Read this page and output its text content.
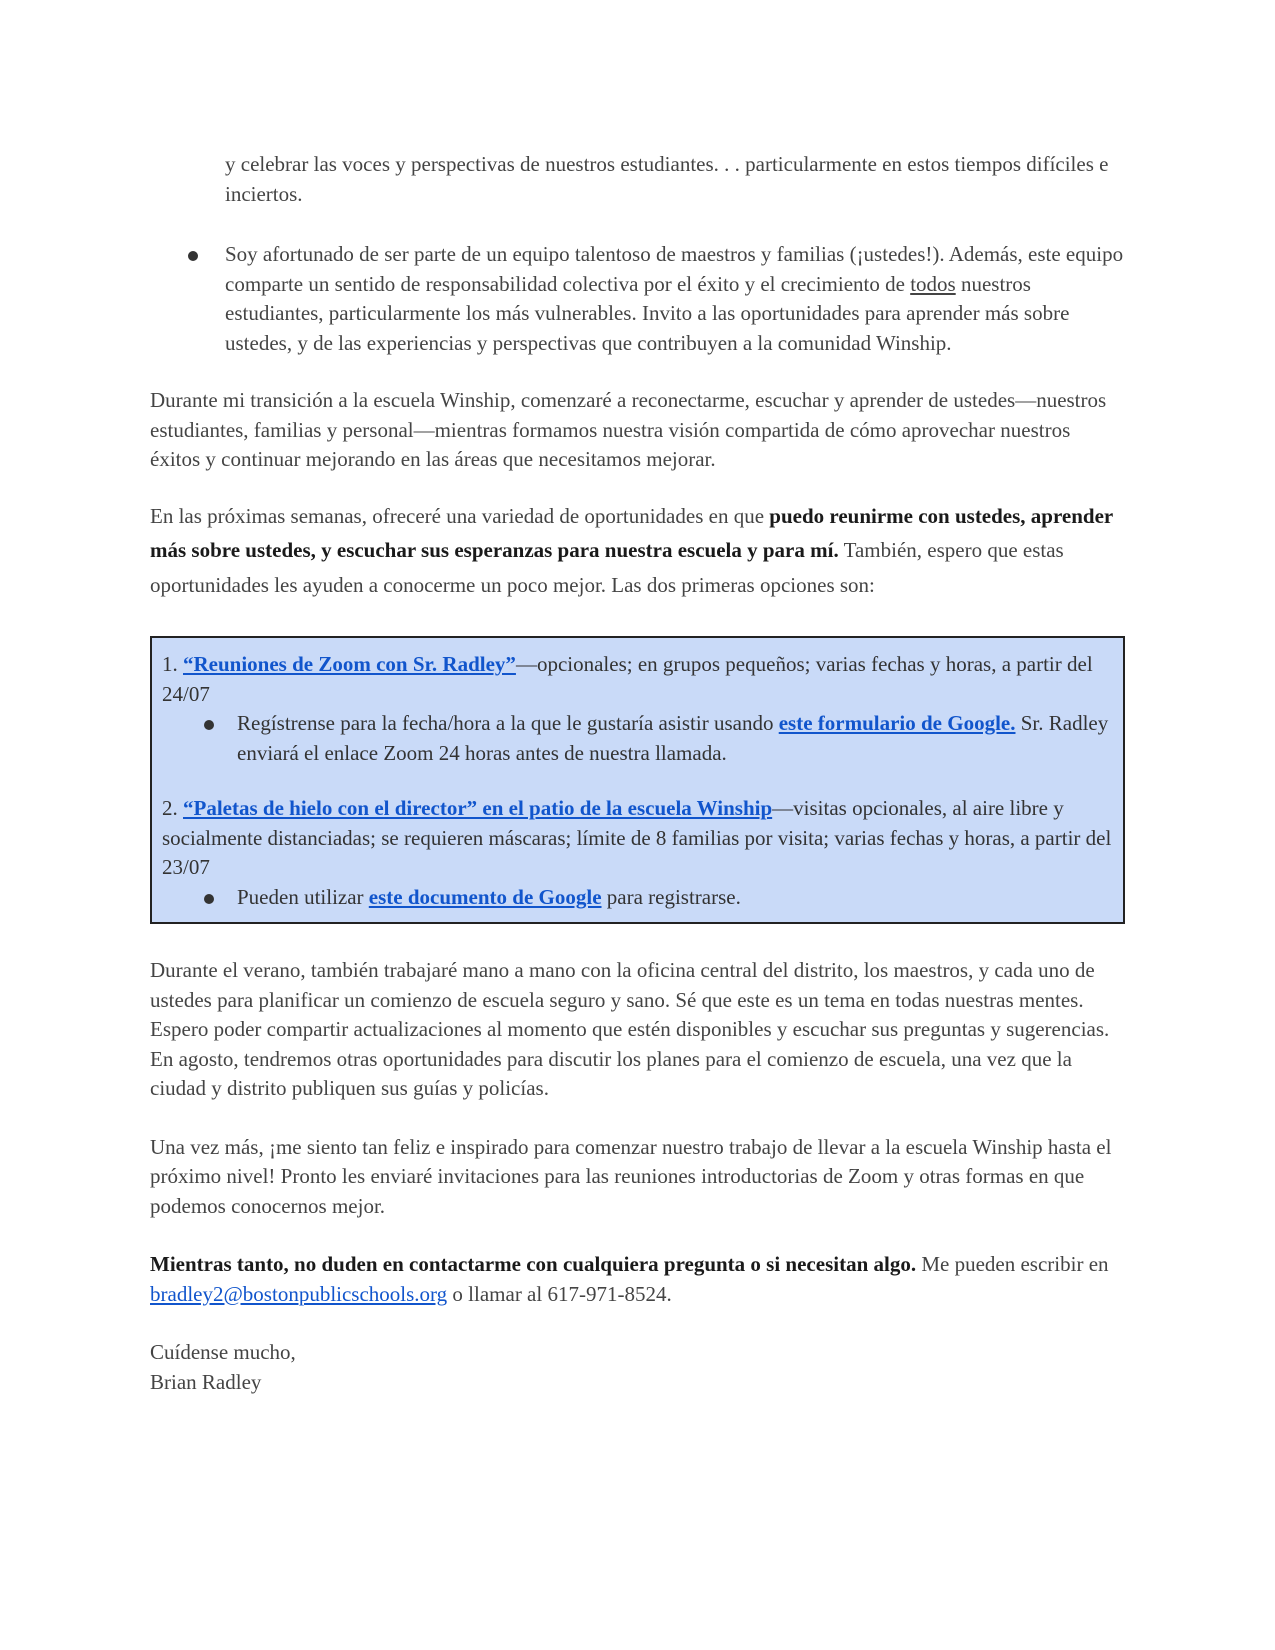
y celebrar las voces y perspectivas de nuestros estudiantes. . . particularmente en estos tiempos difíciles e inciertos.

Soy afortunado de ser parte de un equipo talentoso de maestros y familias (¡ustedes!). Además, este equipo comparte un sentido de responsabilidad colectiva por el éxito y el crecimiento de todos nuestros estudiantes, particularmente los más vulnerables. Invito a las oportunidades para aprender más sobre ustedes, y de las experiencias y perspectivas que contribuyen a la comunidad Winship.

Durante mi transición a la escuela Winship, comenzaré a reconectarme, escuchar y aprender de ustedes—nuestros estudiantes, familias y personal—mientras formamos nuestra visión compartida de cómo aprovechar nuestros éxitos y continuar mejorando en las áreas que necesitamos mejorar.

En las próximas semanas, ofreceré una variedad de oportunidades en que puedo reunirme con ustedes, aprender más sobre ustedes, y escuchar sus esperanzas para nuestra escuela y para mí. También, espero que estas oportunidades les ayuden a conocerme un poco mejor. Las dos primeras opciones son:

1. “Reuniones de Zoom con Sr. Radley”—opcionales; en grupos pequeños; varias fechas y horas, a partir del 24/07

Regístrense para la fecha/hora a la que le gustaría asistir usando este formulario de Google. Sr. Radley enviará el enlace Zoom 24 horas antes de nuestra llamada.

2. “Paletas de hielo con el director” en el patio de la escuela Winship—visitas opcionales, al aire libre y socialmente distanciadas; se requieren máscaras; límite de 8 familias por visita; varias fechas y horas, a partir del 23/07

Pueden utilizar este documento de Google para registrarse.

Durante el verano, también trabajaré mano a mano con la oficina central del distrito, los maestros, y cada uno de ustedes para planificar un comienzo de escuela seguro y sano. Sé que este es un tema en todas nuestras mentes. Espero poder compartir actualizaciones al momento que estén disponibles y escuchar sus preguntas y sugerencias. En agosto, tendremos otras oportunidades para discutir los planes para el comienzo de escuela, una vez que la ciudad y distrito publiquen sus guías y policías.

Una vez más, ¡me siento tan feliz e inspirado para comenzar nuestro trabajo de llevar a la escuela Winship hasta el próximo nivel! Pronto les enviaré invitaciones para las reuniones introductorias de Zoom y otras formas en que podemos conocernos mejor.

Mientras tanto, no duden en contactarme con cualquiera pregunta o si necesitan algo. Me pueden escribir en bradley2@bostonpublicschools.org o llamar al 617-971-8524.

Cuídense mucho,

Brian Radley
